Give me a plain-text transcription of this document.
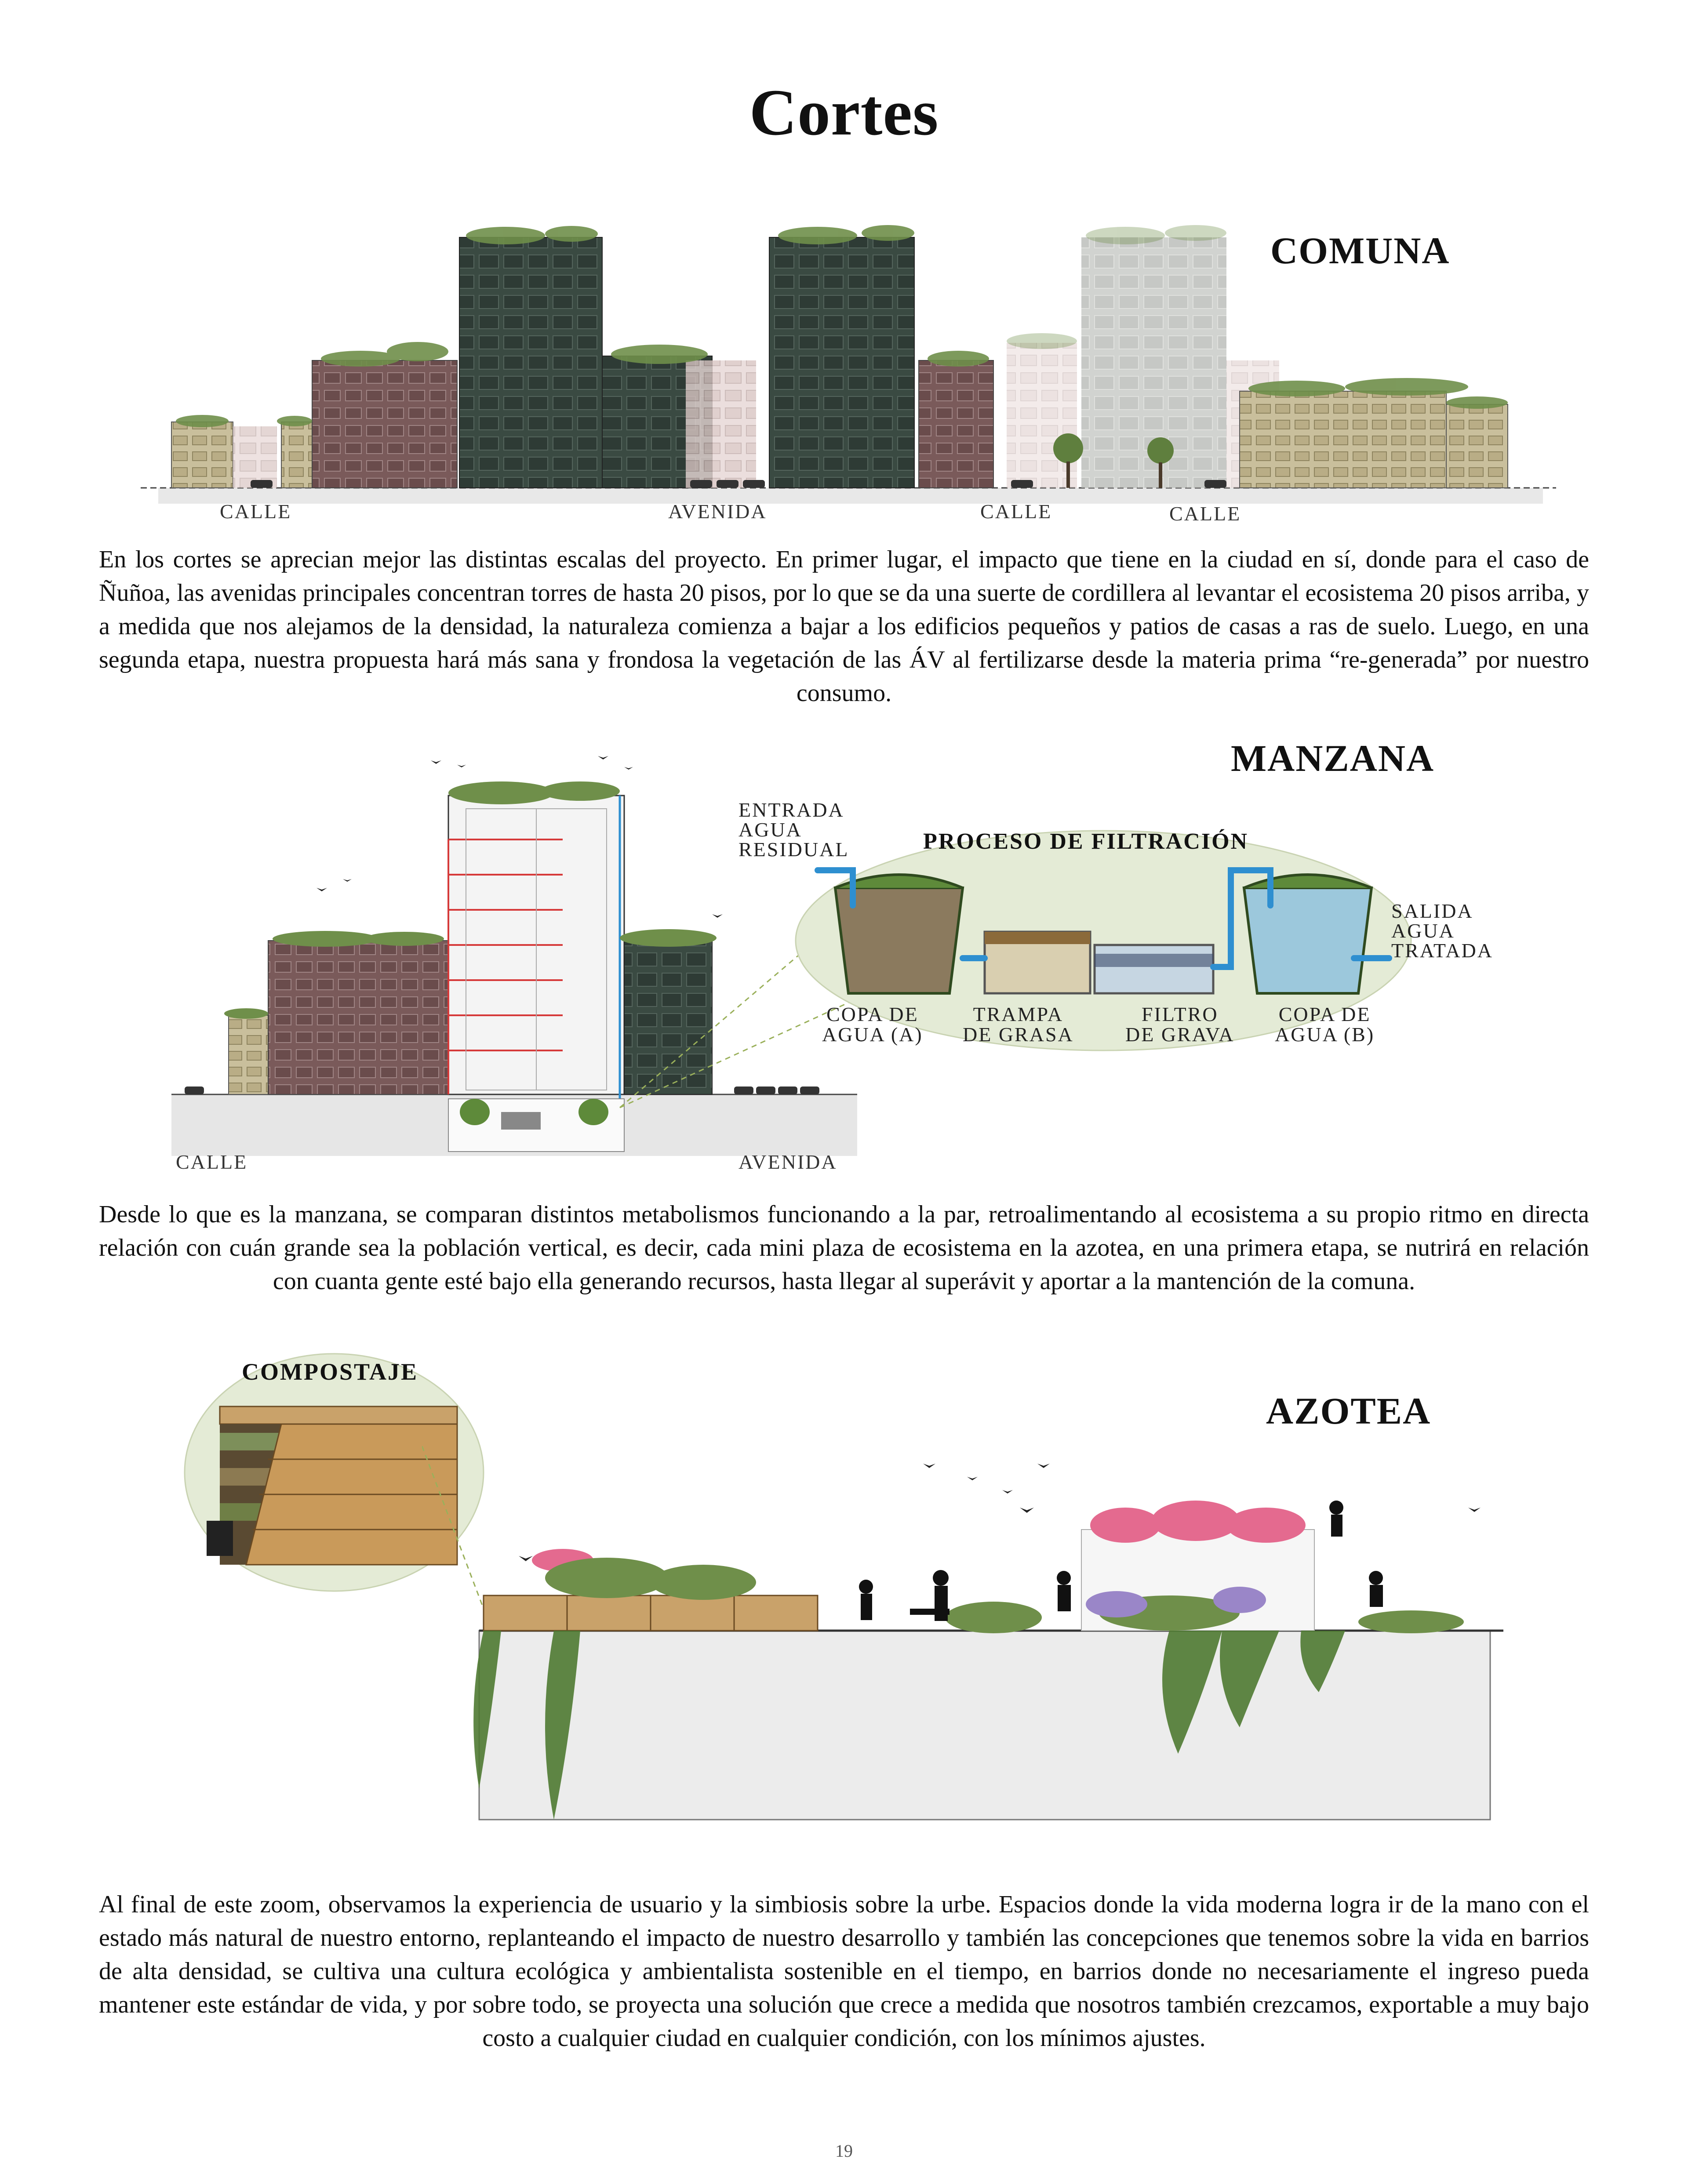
Cortes
COMUNA
CALLE	AVENIDA	CALLE	CALLE
En los cortes se aprecian mejor las distintas escalas del proyecto. En primer lugar, el impacto que tiene en la ciudad en sí, donde para el caso de Ñuñoa, las avenidas principales concentran torres de hasta 20 pisos, por lo que se da una suerte de cordillera al levantar el ecosistema 20 pisos arriba, y a medida que nos alejamos de la densidad, la naturaleza comienza a bajar a los edificios pequeños y patios de casas a ras de suelo. Luego, en una segunda etapa, nuestra propuesta hará más sana y frondosa la vegetación de las ÁV al fertilizarse desde la materia prima “re-generada” por nuestro consumo.
MANZANA
CALLE	AVENIDA
ENTRADA
AGUA
RESIDUAL	PROCESO DE FILTRACIÓN
SALIDA
AGUA
TRATADA
COPA DE
AGUA (A)
TRAMPA
DE GRASA
FILTRO
DE GRAVA
COPA DE
AGUA (B)
Desde lo que es la manzana, se comparan distintos metabolismos funcionando a la par, retroalimentando al ecosistema a su propio ritmo en directa relación con cuán grande sea la población vertical, es decir, cada mini plaza de ecosistema en la azotea, en una primera etapa, se nutrirá en relación con cuanta gente esté bajo ella generando recursos, hasta llegar al superávit y aportar a la mantención de la comuna.
AZOTEA
COMPOSTAJE
Al final de este zoom, observamos la experiencia de usuario y la simbiosis sobre la urbe. Espacios donde la vida moderna logra ir de la mano con el estado más natural de nuestro entorno, replanteando el impacto de nuestro desarrollo y también las concepciones que tenemos sobre la vida en barrios de alta densidad, se cultiva una cultura ecológica y ambientalista sostenible en el tiempo, en barrios donde no necesariamente el ingreso pueda mantener este estándar de vida, y por sobre todo, se proyecta una solución que crece a medida que nosotros también crezcamos, exportable a muy bajo costo a cualquier ciudad en cualquier condición, con los mínimos ajustes.
19
